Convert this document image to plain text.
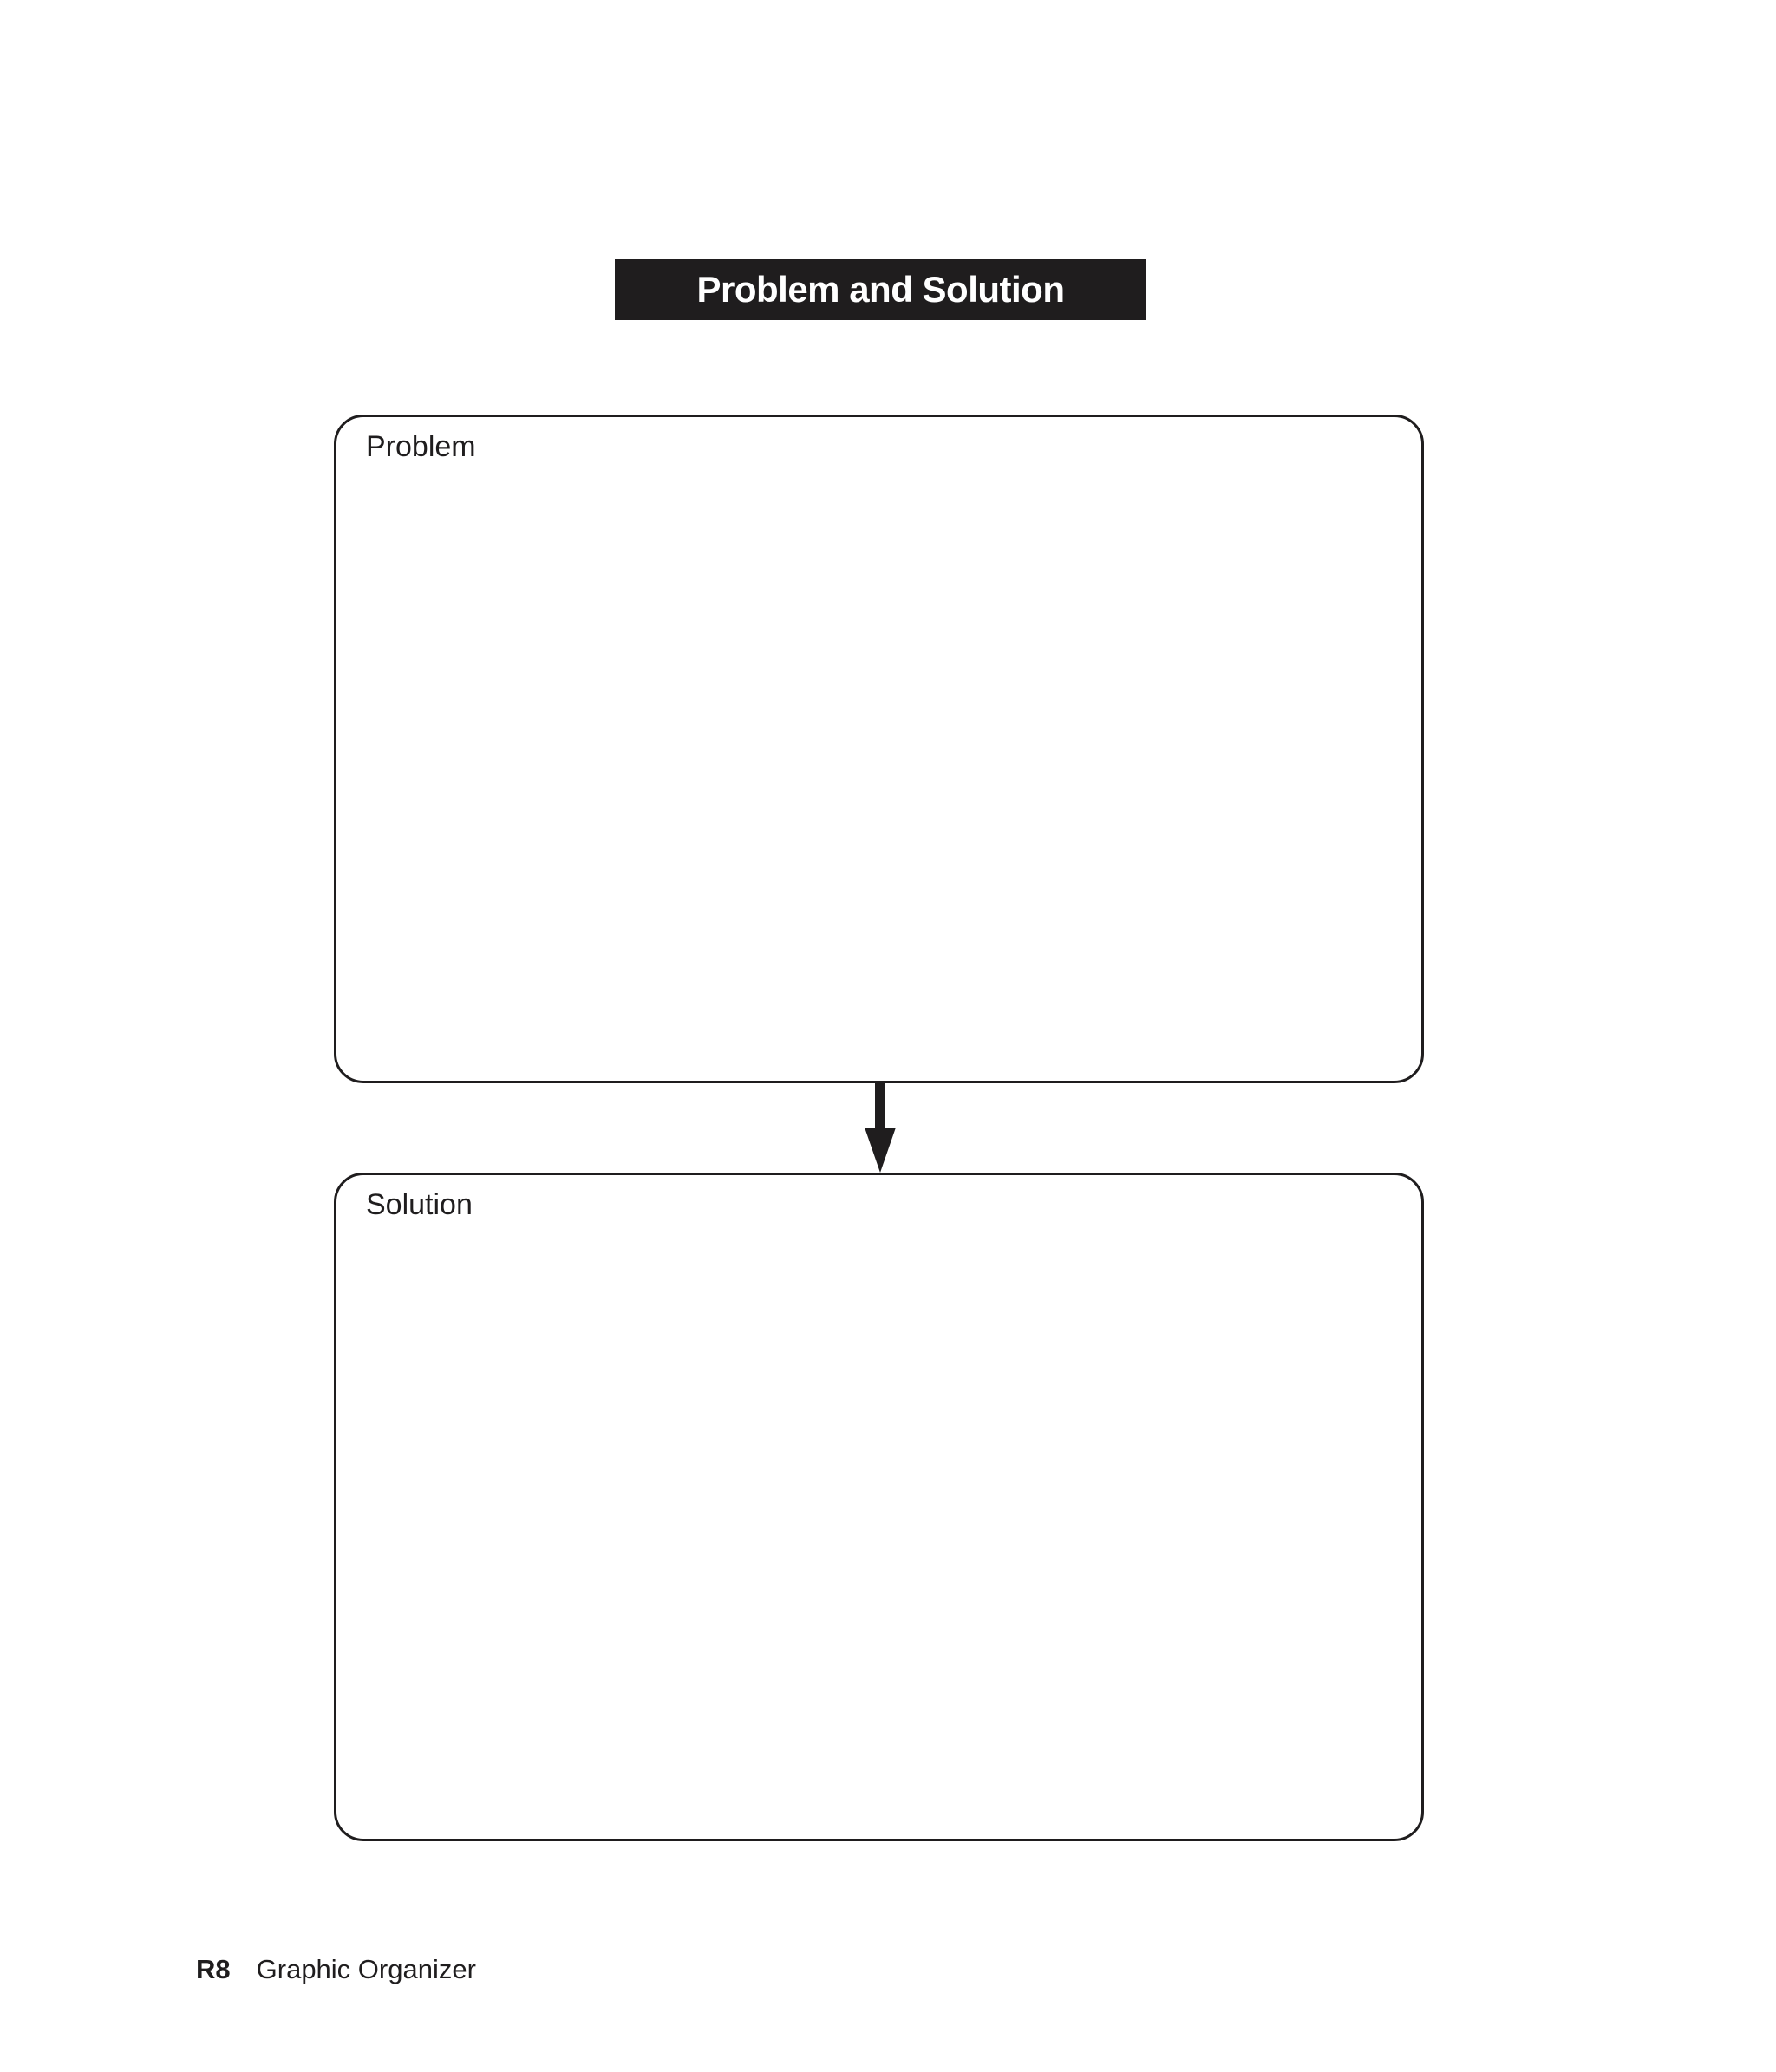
Problem and Solution
Problem
Solution
R8 Graphic Organizer
